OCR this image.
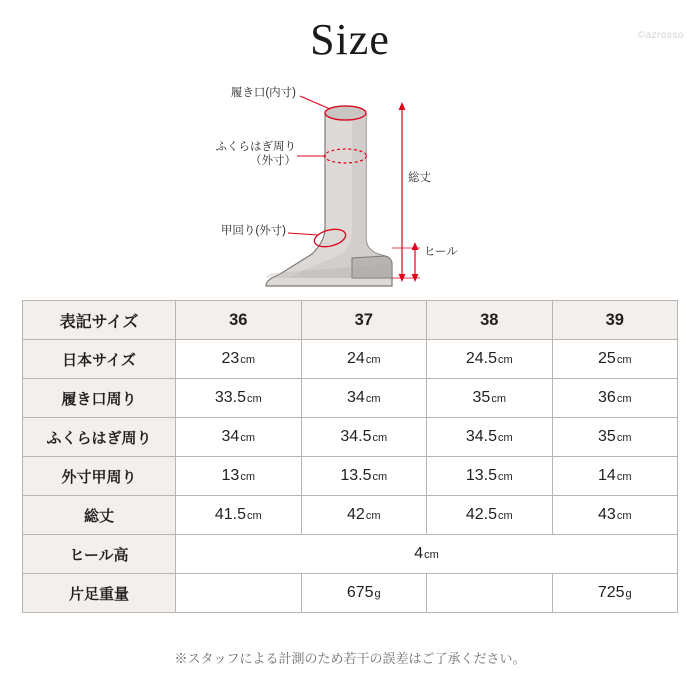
Size	©azrosso
履き口(内寸)
ふくらはぎ周り
（外寸）
甲回り(外寸)
総丈
ヒール
表記サイズ	36	37	38	39
日本サイズ	23cm	24cm	24.5cm	25cm
履き口周り	33.5cm	34cm	35cm	36cm
ふくらはぎ周り	34cm	34.5cm	34.5cm	35cm
外寸甲周り	13cm	13.5cm	13.5cm	14cm
総丈	41.5cm	42cm	42.5cm	43cm
ヒール高	4cm			
片足重量		675g		725g
※スタッフによる計測のため若干の誤差はご了承ください。
